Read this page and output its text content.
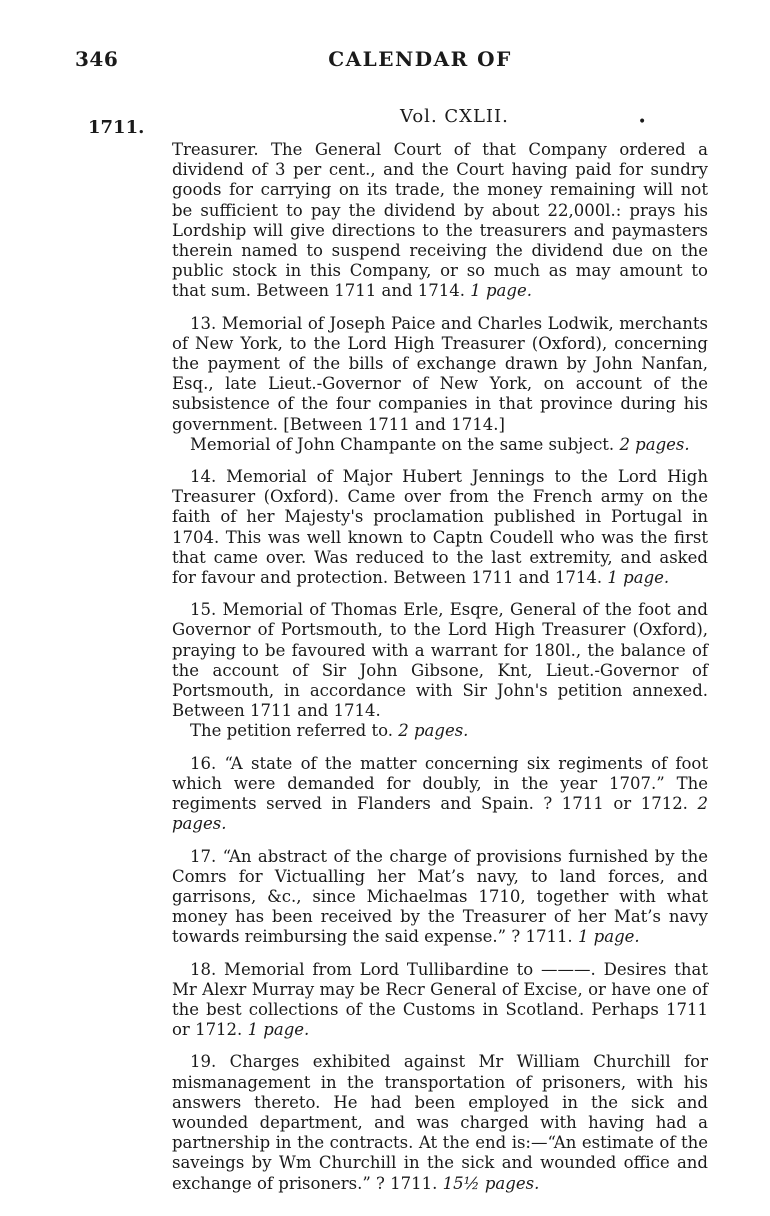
346	CALENDAR OF
1711.
Vol. CXLII.	•

Treasurer. The General Court of that Company ordered a dividend of 3 per cent., and the Court having paid for sundry goods for carrying on its trade, the money remaining will not be sufficient to pay the dividend by about 22,000l.: prays his Lordship will give directions to the treasurers and paymasters therein named to suspend receiving the dividend due on the public stock in this Company, or so much as may amount to that sum. Between 1711 and 1714. 1 page.

13. Memorial of Joseph Paice and Charles Lodwik, merchants of New York, to the Lord High Treasurer (Oxford), concerning the payment of the bills of exchange drawn by John Nanfan, Esq., late Lieut.-Governor of New York, on account of the subsistence of the four companies in that province during his government. [Between 1711 and 1714.]

Memorial of John Champante on the same subject. 2 pages.

14. Memorial of Major Hubert Jennings to the Lord High Treasurer (Oxford). Came over from the French army on the faith of her Majesty's proclamation published in Portugal in 1704. This was well known to Captn Coudell who was the first that came over. Was reduced to the last extremity, and asked for favour and protection. Between 1711 and 1714. 1 page.

15. Memorial of Thomas Erle, Esqre, General of the foot and Governor of Portsmouth, to the Lord High Treasurer (Oxford), praying to be favoured with a warrant for 180l., the balance of the account of Sir John Gibsone, Knt, Lieut.-Governor of Portsmouth, in accordance with Sir John's petition annexed. Between 1711 and 1714.

The petition referred to. 2 pages.

16. “A state of the matter concerning six regiments of foot which were demanded for doubly, in the year 1707.” The regiments served in Flanders and Spain. ? 1711 or 1712. 2 pages.

17. “An abstract of the charge of provisions furnished by the Comrs for Victualling her Mat’s navy, to land forces, and garrisons, &c., since Michaelmas 1710, together with what money has been received by the Treasurer of her Mat’s navy towards reimbursing the said expense.” ? 1711. 1 page.

18. Memorial from Lord Tullibardine to ———. Desires that Mr Alexr Murray may be Recr General of Excise, or have one of the best collections of the Customs in Scotland. Perhaps 1711 or 1712. 1 page.

19. Charges exhibited against Mr William Churchill for mismanagement in the transportation of prisoners, with his answers thereto. He had been employed in the sick and wounded department, and was charged with having had a partnership in the contracts. At the end is:—“An estimate of the saveings by Wm Churchill in the sick and wounded office and exchange of prisoners.” ? 1711. 15½ pages.
